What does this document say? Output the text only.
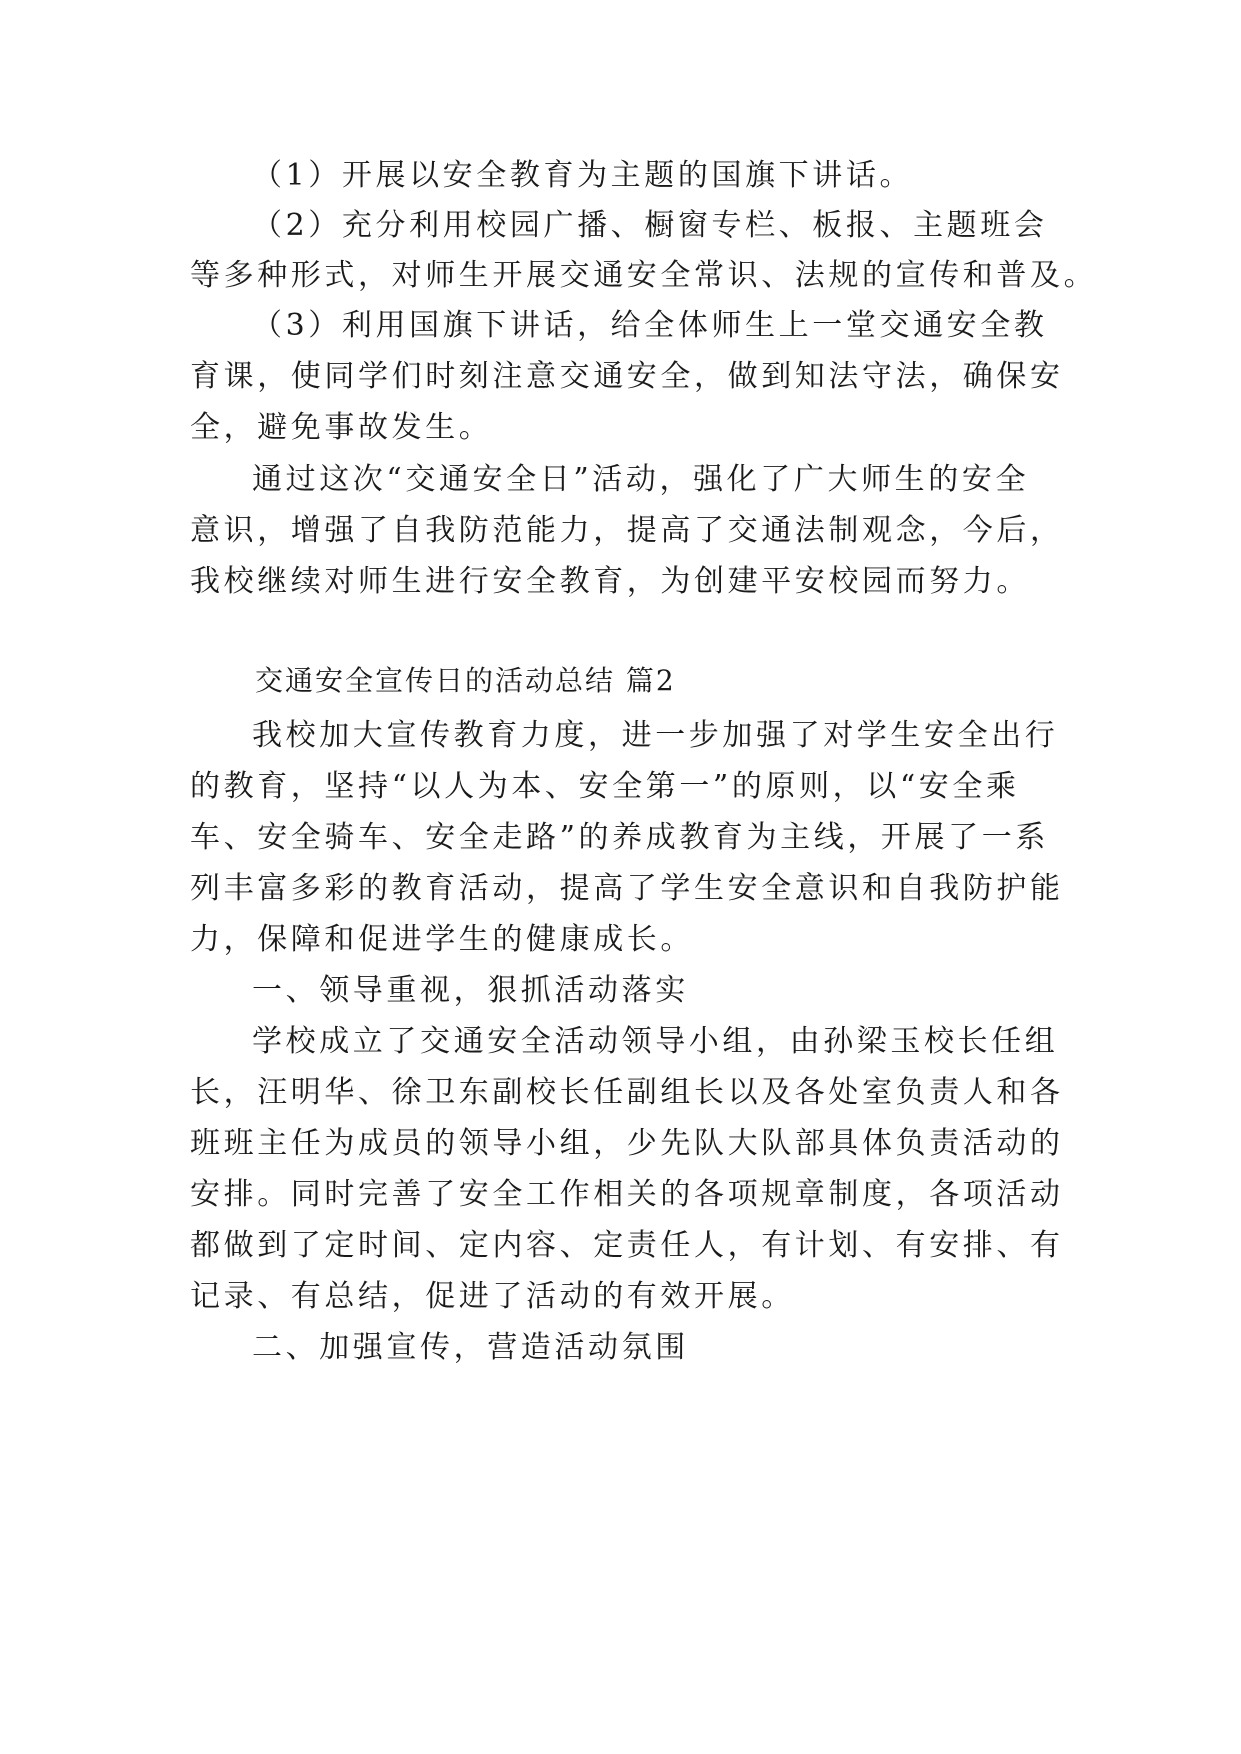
（1）开展以安全教育为主题的国旗下讲话。
（2）充分利用校园广播、橱窗专栏、板报、主题班会
等多种形式，对师生开展交通安全常识、法规的宣传和普及。
（3）利用国旗下讲话，给全体师生上一堂交通安全教
育课，使同学们时刻注意交通安全，做到知法守法，确保安
全，避免事故发生。
通过这次“交通安全日”活动，强化了广大师生的安全
意识，增强了自我防范能力，提高了交通法制观念，今后，
我校继续对师生进行安全教育，为创建平安校园而努力。
交通安全宣传日的活动总结 篇2
我校加大宣传教育力度，进一步加强了对学生安全出行
的教育，坚持“以人为本、安全第一”的原则，以“安全乘
车、安全骑车、安全走路”的养成教育为主线，开展了一系
列丰富多彩的教育活动，提高了学生安全意识和自我防护能
力，保障和促进学生的健康成长。
一、领导重视，狠抓活动落实
学校成立了交通安全活动领导小组，由孙梁玉校长任组
长，汪明华、徐卫东副校长任副组长以及各处室负责人和各
班班主任为成员的领导小组，少先队大队部具体负责活动的
安排。同时完善了安全工作相关的各项规章制度，各项活动
都做到了定时间、定内容、定责任人，有计划、有安排、有
记录、有总结，促进了活动的有效开展。
二、加强宣传，营造活动氛围
